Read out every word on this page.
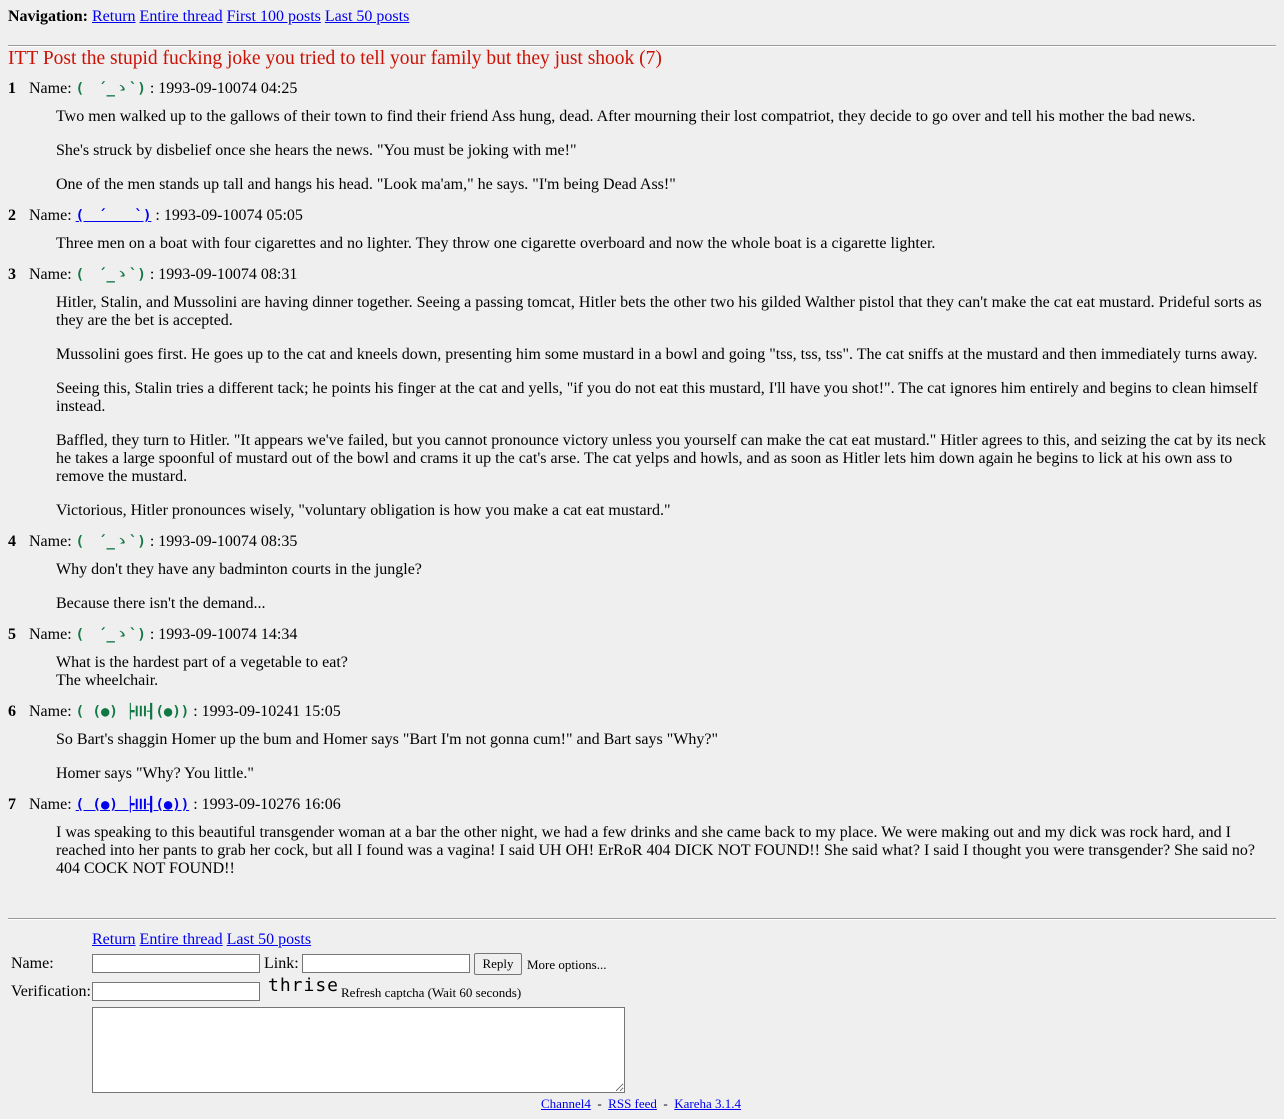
Navigation: Return Entire thread First 100 posts Last 50 posts
ITT Post the stupid fucking joke you tried to tell your family but they just shook (7)
1 Name: (　´_ゝ`) : 1993-09-10074 04:25

Two men walked up to the gallows of their town to find their friend Ass hung, dead. After mourning their lost compatriot, they decide to go over and tell his mother the bad news.

She's struck by disbelief once she hears the news. "You must be joking with me!"

One of the men stands up tall and hangs his head. "Look ma'am," he says. "I'm being Dead Ass!"

2 Name: (　´　　`) : 1993-09-10074 05:05

Three men on a boat with four cigarettes and no lighter. They throw one cigarette overboard and now the whole boat is a cigarette lighter.

3 Name: (　´_ゝ`) : 1993-09-10074 08:31

Hitler, Stalin, and Mussolini are having dinner together. Seeing a passing tomcat, Hitler bets the other two his gilded Walther pistol that they can't make the cat eat mustard. Prideful sorts as they are the bet is accepted.

Mussolini goes first. He goes up to the cat and kneels down, presenting him some mustard in a bowl and going "tss, tss, tss". The cat sniffs at the mustard and then immediately turns away.

Seeing this, Stalin tries a different tack; he points his finger at the cat and yells, "if you do not eat this mustard, I'll have you shot!". The cat ignores him entirely and begins to clean himself instead.

Baffled, they turn to Hitler. "It appears we've failed, but you cannot pronounce victory unless you yourself can make the cat eat mustard." Hitler agrees to this, and seizing the cat by its neck he takes a large spoonful of mustard out of the bowl and crams it up the cat's arse. The cat yelps and howls, and as soon as Hitler lets him down again he begins to lick at his own ass to remove the mustard.

Victorious, Hitler pronounces wisely, "voluntary obligation is how you make a cat eat mustard."

4 Name: (　´_ゝ`) : 1993-09-10074 08:35

Why don't they have any badminton courts in the jungle?

Because there isn't the demand...

5 Name: (　´_ゝ`) : 1993-09-10074 14:34

What is the hardest part of a vegetable to eat?
The wheelchair.

6 Name: ( (●) ┝ⅠⅠⅠ┨(●)) : 1993-09-10241 15:05

So Bart's shaggin Homer up the bum and Homer says "Bart I'm not gonna cum!" and Bart says "Why?"

Homer says "Why? You little."

7 Name: ( (●) ┝ⅠⅠⅠ┨(●)) : 1993-09-10276 16:06

I was speaking to this beautiful transgender woman at a bar the other night, we had a few drinks and she came back to my place. We were making out and my dick was rock hard, and I reached into her pants to grab her cock, but all I found was a vagina! I said UH OH! ErRoR 404 DICK NOT FOUND!! She said what? I said I thought you were transgender? She said no? 404 COCK NOT FOUND!!

Return Entire thread Last 50 posts
Name:	Link:	Reply	More options...
Verification:	thrise Refresh captcha (Wait 60 seconds)
Channel4 - RSS feed - Kareha 3.1.4
